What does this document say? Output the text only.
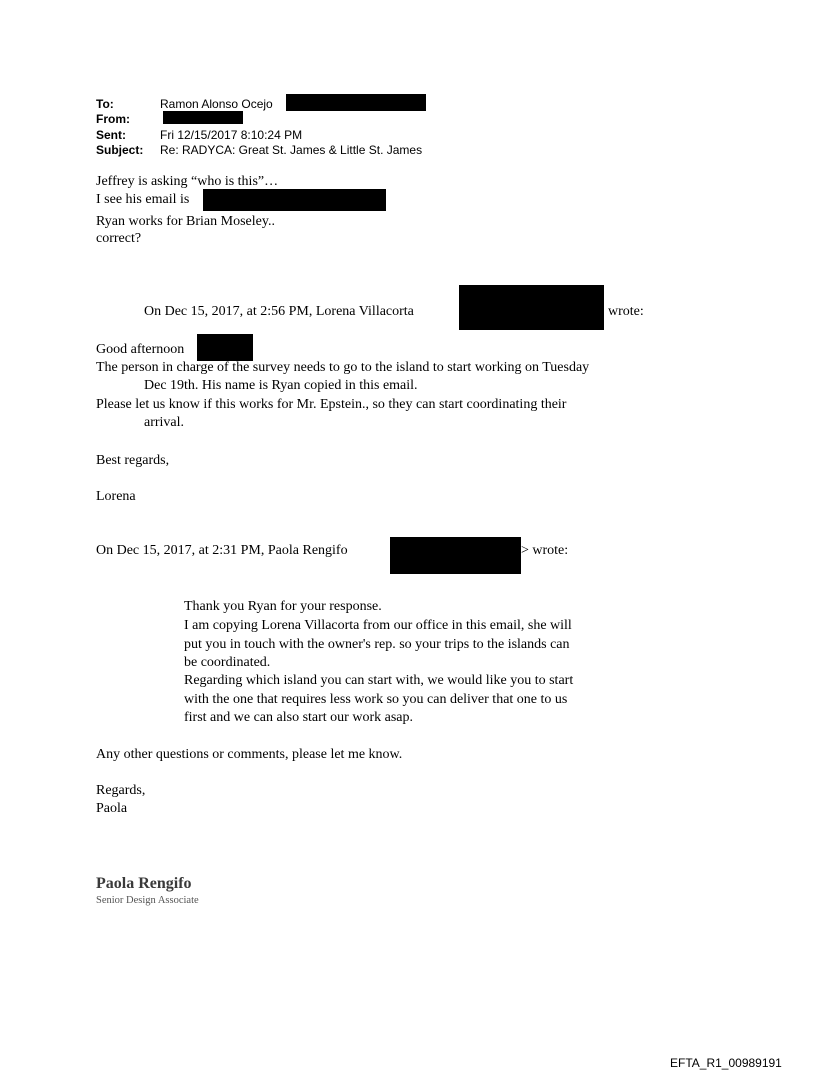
To:	Ramon Alonso Ocejo
From:
Sent:	Fri 12/15/2017 8:10:24 PM
Subject: Re: RADYCA: Great St. James & Little St. James
Jeffrey is asking “who is this”…
I see his email is
Ryan works for Brian Moseley..
correct?
On Dec 15, 2017, at 2:56 PM, Lorena Villacorta	wrote:
Good afternoon
The person in charge of the survey needs to go to the island to start working on Tuesday
Dec 19th. His name is Ryan copied in this email.
Please let us know if this works for Mr. Epstein., so they can start coordinating their
arrival.
Best regards,
Lorena
On Dec 15, 2017, at 2:31 PM, Paola Rengifo	> wrote:
Thank you Ryan for your response.
I am copying Lorena Villacorta from our office in this email, she will
put you in touch with the owner's rep. so your trips to the islands can
be coordinated.
Regarding which island you can start with, we would like you to start
with the one that requires less work so you can deliver that one to us
first and we can also start our work asap.
Any other questions or comments, please let me know.
Regards,
Paola
Paola Rengifo
Senior Design Associate
EFTA_R1_00989191
